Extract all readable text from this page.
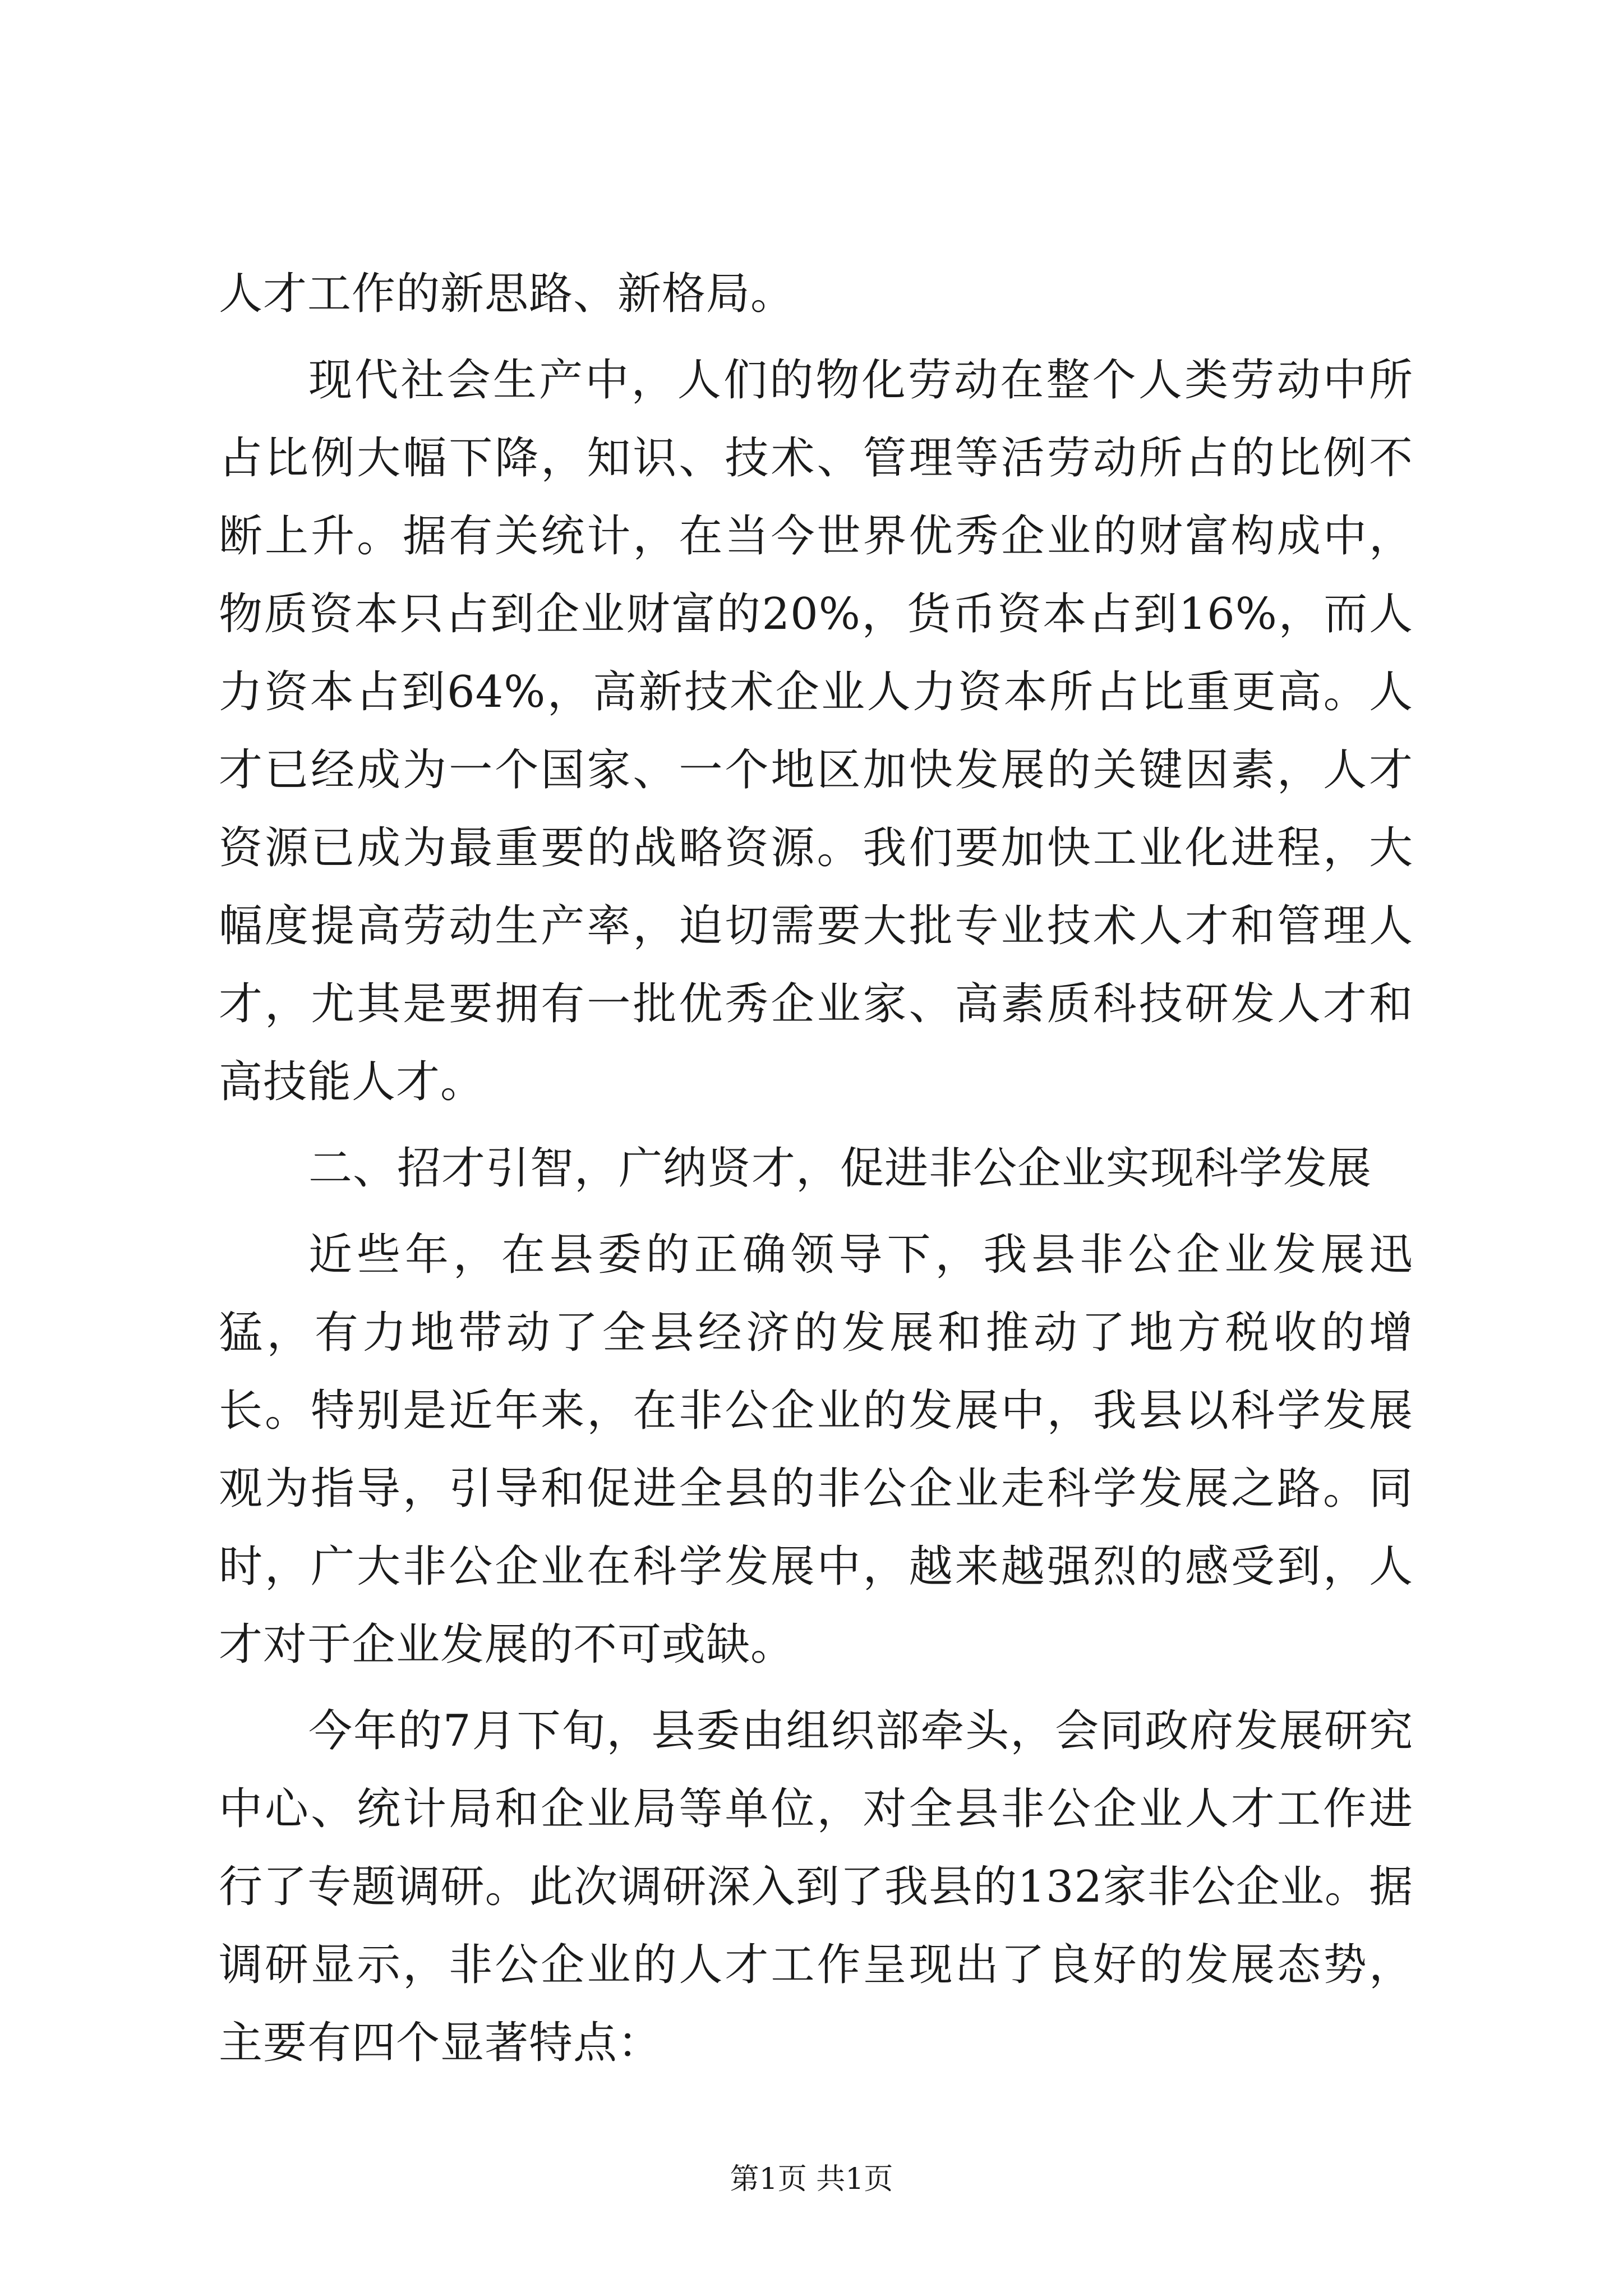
人才工作的新思路、新格局。

现代社会生产中，人们的物化劳动在整个人类劳动中所占比例大幅下降，知识、技术、管理等活劳动所占的比例不断上升。据有关统计，在当今世界优秀企业的财富构成中，物质资本只占到企业财富的20%，货币资本占到16%，而人力资本占到64%，高新技术企业人力资本所占比重更高。人才已经成为一个国家、一个地区加快发展的关键因素，人才资源已成为最重要的战略资源。我们要加快工业化进程，大幅度提高劳动生产率，迫切需要大批专业技术人才和管理人才，尤其是要拥有一批优秀企业家、高素质科技研发人才和高技能人才。

二、招才引智，广纳贤才，促进非公企业实现科学发展

近些年，在县委的正确领导下，我县非公企业发展迅猛，有力地带动了全县经济的发展和推动了地方税收的增长。特别是近年来，在非公企业的发展中，我县以科学发展观为指导，引导和促进全县的非公企业走科学发展之路。同时，广大非公企业在科学发展中，越来越强烈的感受到，人才对于企业发展的不可或缺。

今年的7月下旬，县委由组织部牵头，会同政府发展研究中心、统计局和企业局等单位，对全县非公企业人才工作进行了专题调研。此次调研深入到了我县的132家非公企业。据调研显示，非公企业的人才工作呈现出了良好的发展态势，主要有四个显著特点：

第1页 共1页
